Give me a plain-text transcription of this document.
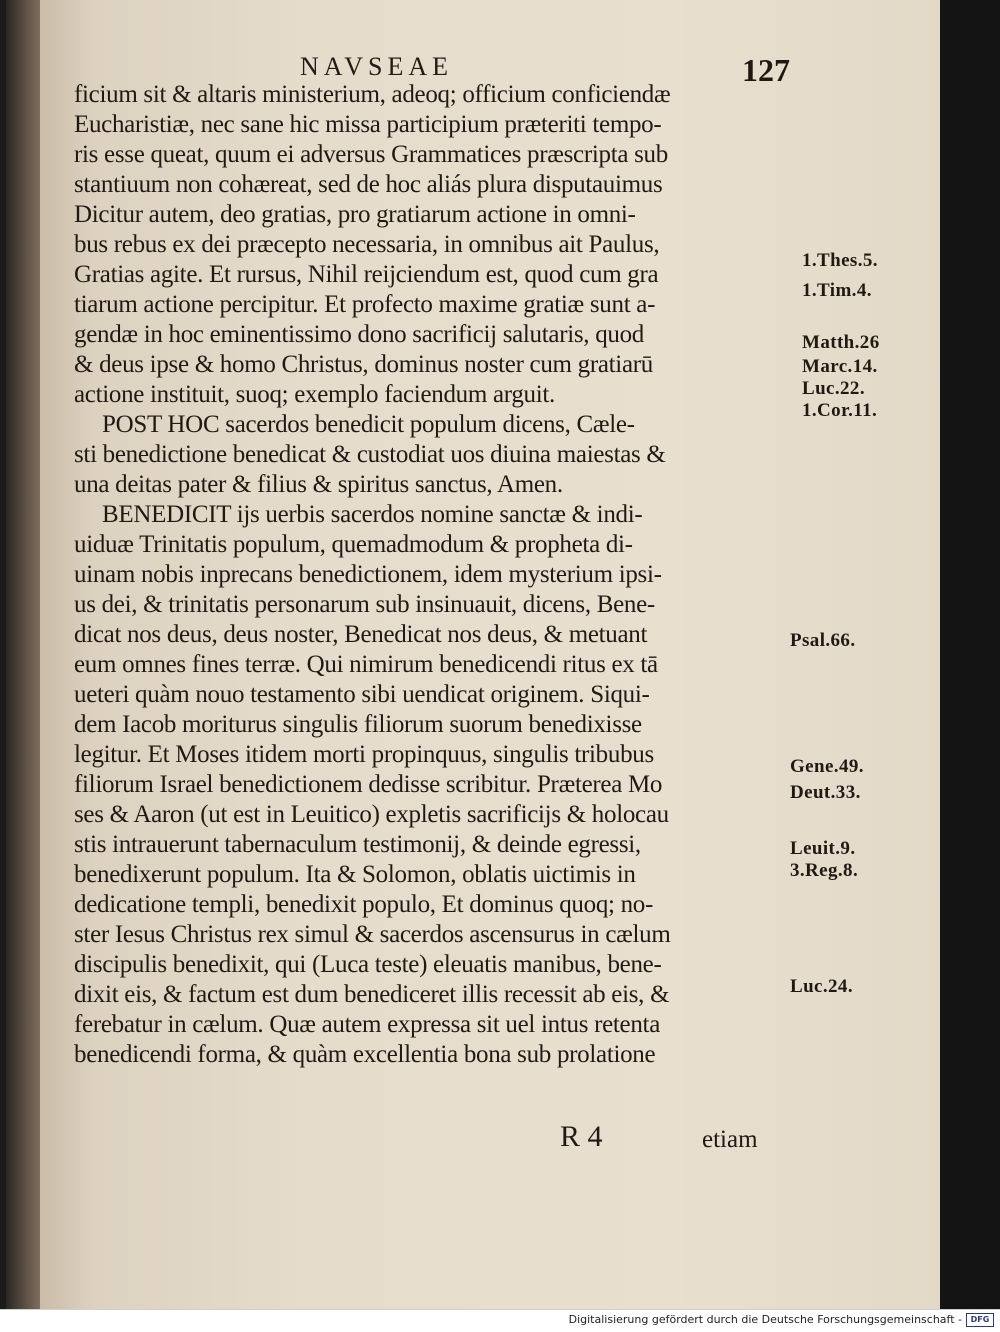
NAVSEAE	127
ficium sit & altaris ministerium, adeoq; officium conficiendæ
Eucharistiæ, nec sane hic missa participium præteriti tempo-
ris esse queat, quum ei adversus Grammatices præscripta sub
stantiuum non cohæreat, sed de hoc aliás plura disputauimus
Dicitur autem, deo gratias, pro gratiarum actione in omni-
bus rebus ex dei præcepto necessaria, in omnibus ait Paulus,
Gratias agite. Et rursus, Nihil reijciendum est, quod cum gra
tiarum actione percipitur. Et profecto maxime gratiæ sunt a-
gendæ in hoc eminentissimo dono sacrificij salutaris, quod
& deus ipse & homo Christus, dominus noster cum gratiarū
actione instituit, suoq; exemplo faciendum arguit.
POST HOC sacerdos benedicit populum dicens, Cæle-
sti benedictione benedicat & custodiat uos diuina maiestas &
una deitas pater & filius & spiritus sanctus, Amen.
BENEDICIT ijs uerbis sacerdos nomine sanctæ & indi-
uiduæ Trinitatis populum, quemadmodum & propheta di-
uinam nobis inprecans benedictionem, idem mysterium ipsi-
us dei, & trinitatis personarum sub insinuauit, dicens, Bene-
dicat nos deus, deus noster, Benedicat nos deus, & metuant
eum omnes fines terræ. Qui nimirum benedicendi ritus ex tā
ueteri quàm nouo testamento sibi uendicat originem. Siqui-
dem Iacob moriturus singulis filiorum suorum benedixisse
legitur. Et Moses itidem morti propinquus, singulis tribubus
filiorum Israel benedictionem dedisse scribitur. Præterea Mo
ses & Aaron (ut est in Leuitico) expletis sacrificijs & holocau
stis intrauerunt tabernaculum testimonij, & deinde egressi,
benedixerunt populum. Ita & Solomon, oblatis uictimis in
dedicatione templi, benedixit populo, Et dominus quoq; no-
ster Iesus Christus rex simul & sacerdos ascensurus in cælum
discipulis benedixit, qui (Luca teste) eleuatis manibus, bene-
dixit eis, & factum est dum benediceret illis recessit ab eis, &
ferebatur in cælum. Quæ autem expressa sit uel intus retenta
benedicendi forma, & quàm excellentia bona sub prolatione
1.Thes.5.
1.Tim.4.
Matth.26
Marc.14.
Luc.22.
1.Cor.11.
Psal.66.
Gene.49.
Deut.33.
Leuit.9.
3.Reg.8.
Luc.24.
R 4	etiam
Digitalisierung gefördert durch die Deutsche Forschungsgemeinschaft -	DFG
